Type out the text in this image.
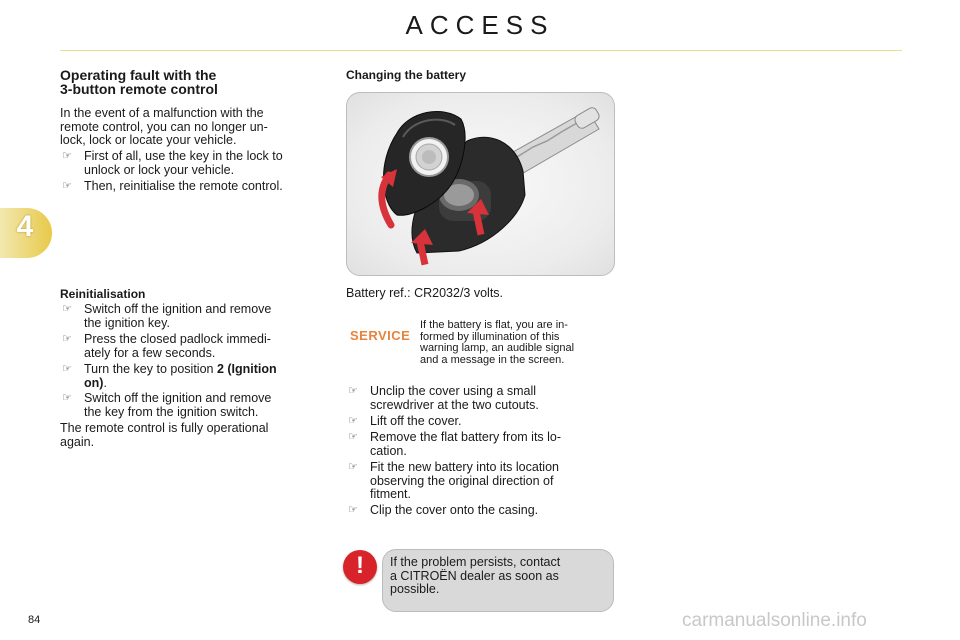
ACCESS
4
Operating fault with the
3-button remote control
In the event of a malfunction with the
remote control, you can no longer un-
lock, lock or locate your vehicle.
☞ First of all, use the key in the lock to
unlock or lock your vehicle.
☞ Then, reinitialise the remote control.
Reinitialisation
☞ Switch off the ignition and remove
the ignition key.
☞ Press the closed padlock immedi-
ately for a few seconds.
☞ Turn the key to position 2 (Ignition
on).
☞ Switch off the ignition and remove
the key from the ignition switch.
The remote control is fully operational
again.
Changing the battery
Battery ref.: CR2032/3 volts.
SERVICE
If the battery is flat, you are in-
formed by illumination of this
warning lamp, an audible signal
and a message in the screen.
☞ Unclip the cover using a small
screwdriver at the two cutouts.
☞ Lift off the cover.
☞ Remove the flat battery from its lo-
cation.
☞ Fit the new battery into its location
observing the original direction of
fitment.
☞ Clip the cover onto the casing.
!	If the problem persists, contact
a CITROËN dealer as soon as
possible.
84	carmanualsonline.info
